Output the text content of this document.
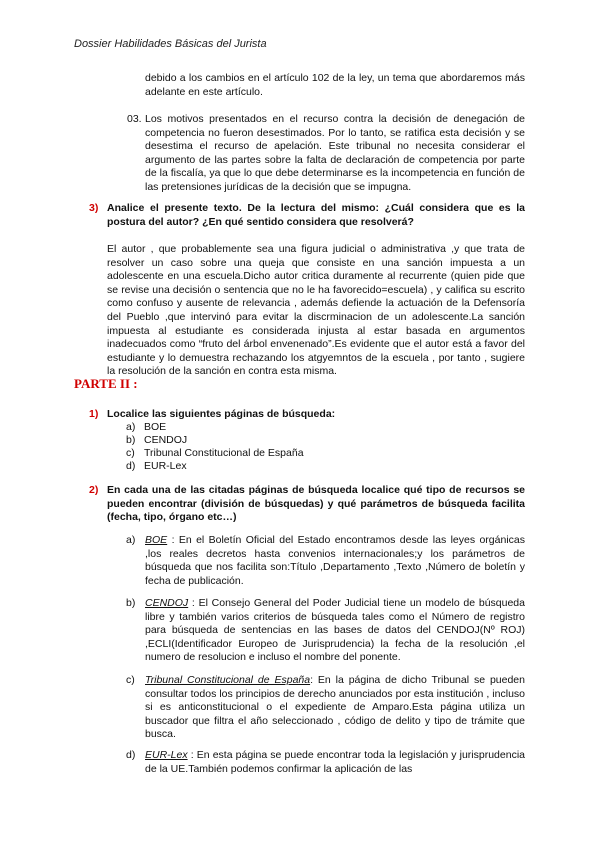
Dossier Habilidades Básicas del Jurista

debido a los cambios en el artículo 102 de la ley, un tema que abordaremos más adelante en este artículo.

03. Los motivos presentados en el recurso contra la decisión de denegación de competencia no fueron desestimados. Por lo tanto, se ratifica esta decisión y se desestima el recurso de apelación. Este tribunal no necesita considerar el argumento de las partes sobre la falta de declaración de competencia por parte de la fiscalía, ya que lo que debe determinarse es la incompetencia en función de las pretensiones jurídicas de la decisión que se impugna.

3) Analice el presente texto. De la lectura del mismo: ¿Cuál considera que es la postura del autor? ¿En qué sentido considera que resolverá?

El autor , que probablemente sea una figura judicial o administrativa ,y que trata de resolver un caso sobre una queja que consiste en una sanción impuesta a un adolescente en una escuela.Dicho autor critica duramente al recurrente (quien pide que se revise una decisión o sentencia que no le ha favorecido=escuela) , y califica su escrito como confuso y ausente de relevancia , además defiende la actuación de la Defensoría del Pueblo ,que intervinó para evitar la discrminacion de un adolescente.La sanción impuesta al estudiante es considerada injusta al estar basada en argumentos inadecuados como “fruto del árbol envenenado”.Es evidente que el autor está a favor del estudiante y lo demuestra rechazando los atgyemntos de la escuela , por tanto , sugiere la resolución de la sanción en contra esta misma.

PARTE II :
1) Localice las siguientes páginas de búsqueda:

a) BOE
b) CENDOJ
c) Tribunal Constitucional de España
d) EUR-Lex
2) En cada una de las citadas páginas de búsqueda localice qué tipo de recursos se pueden encontrar (división de búsquedas) y qué parámetros de búsqueda facilita (fecha, tipo, órgano etc…)

a) BOE : En el Boletín Oficial del Estado encontramos desde las leyes orgánicas ,los reales decretos hasta convenios internacionales;y los parámetros de búsqueda que nos facilita son:Título ,Departamento ,Texto ,Número de boletín y fecha de publicación.

b) CENDOJ : El Consejo General del Poder Judicial tiene un modelo de búsqueda libre y también varios criterios de búsqueda tales como el Número de registro para búsqueda de sentencias en las bases de datos del CENDOJ(Nº ROJ) ,ECLI(Identificador Europeo de Jurisprudencia) la fecha de la resolución ,el numero de resolucion e incluso el nombre del ponente.

c) Tribunal Constitucional de España: En la página de dicho Tribunal se pueden consultar todos los principios de derecho anunciados por esta institución , incluso si es anticonstitucional o el expediente de Amparo.Esta página utiliza un buscador que filtra el año seleccionado , código de delito y tipo de trámite que busca.

d) EUR-Lex : En esta página se puede encontrar toda la legislación y jurisprudencia de la UE.También podemos confirmar la aplicación de las
